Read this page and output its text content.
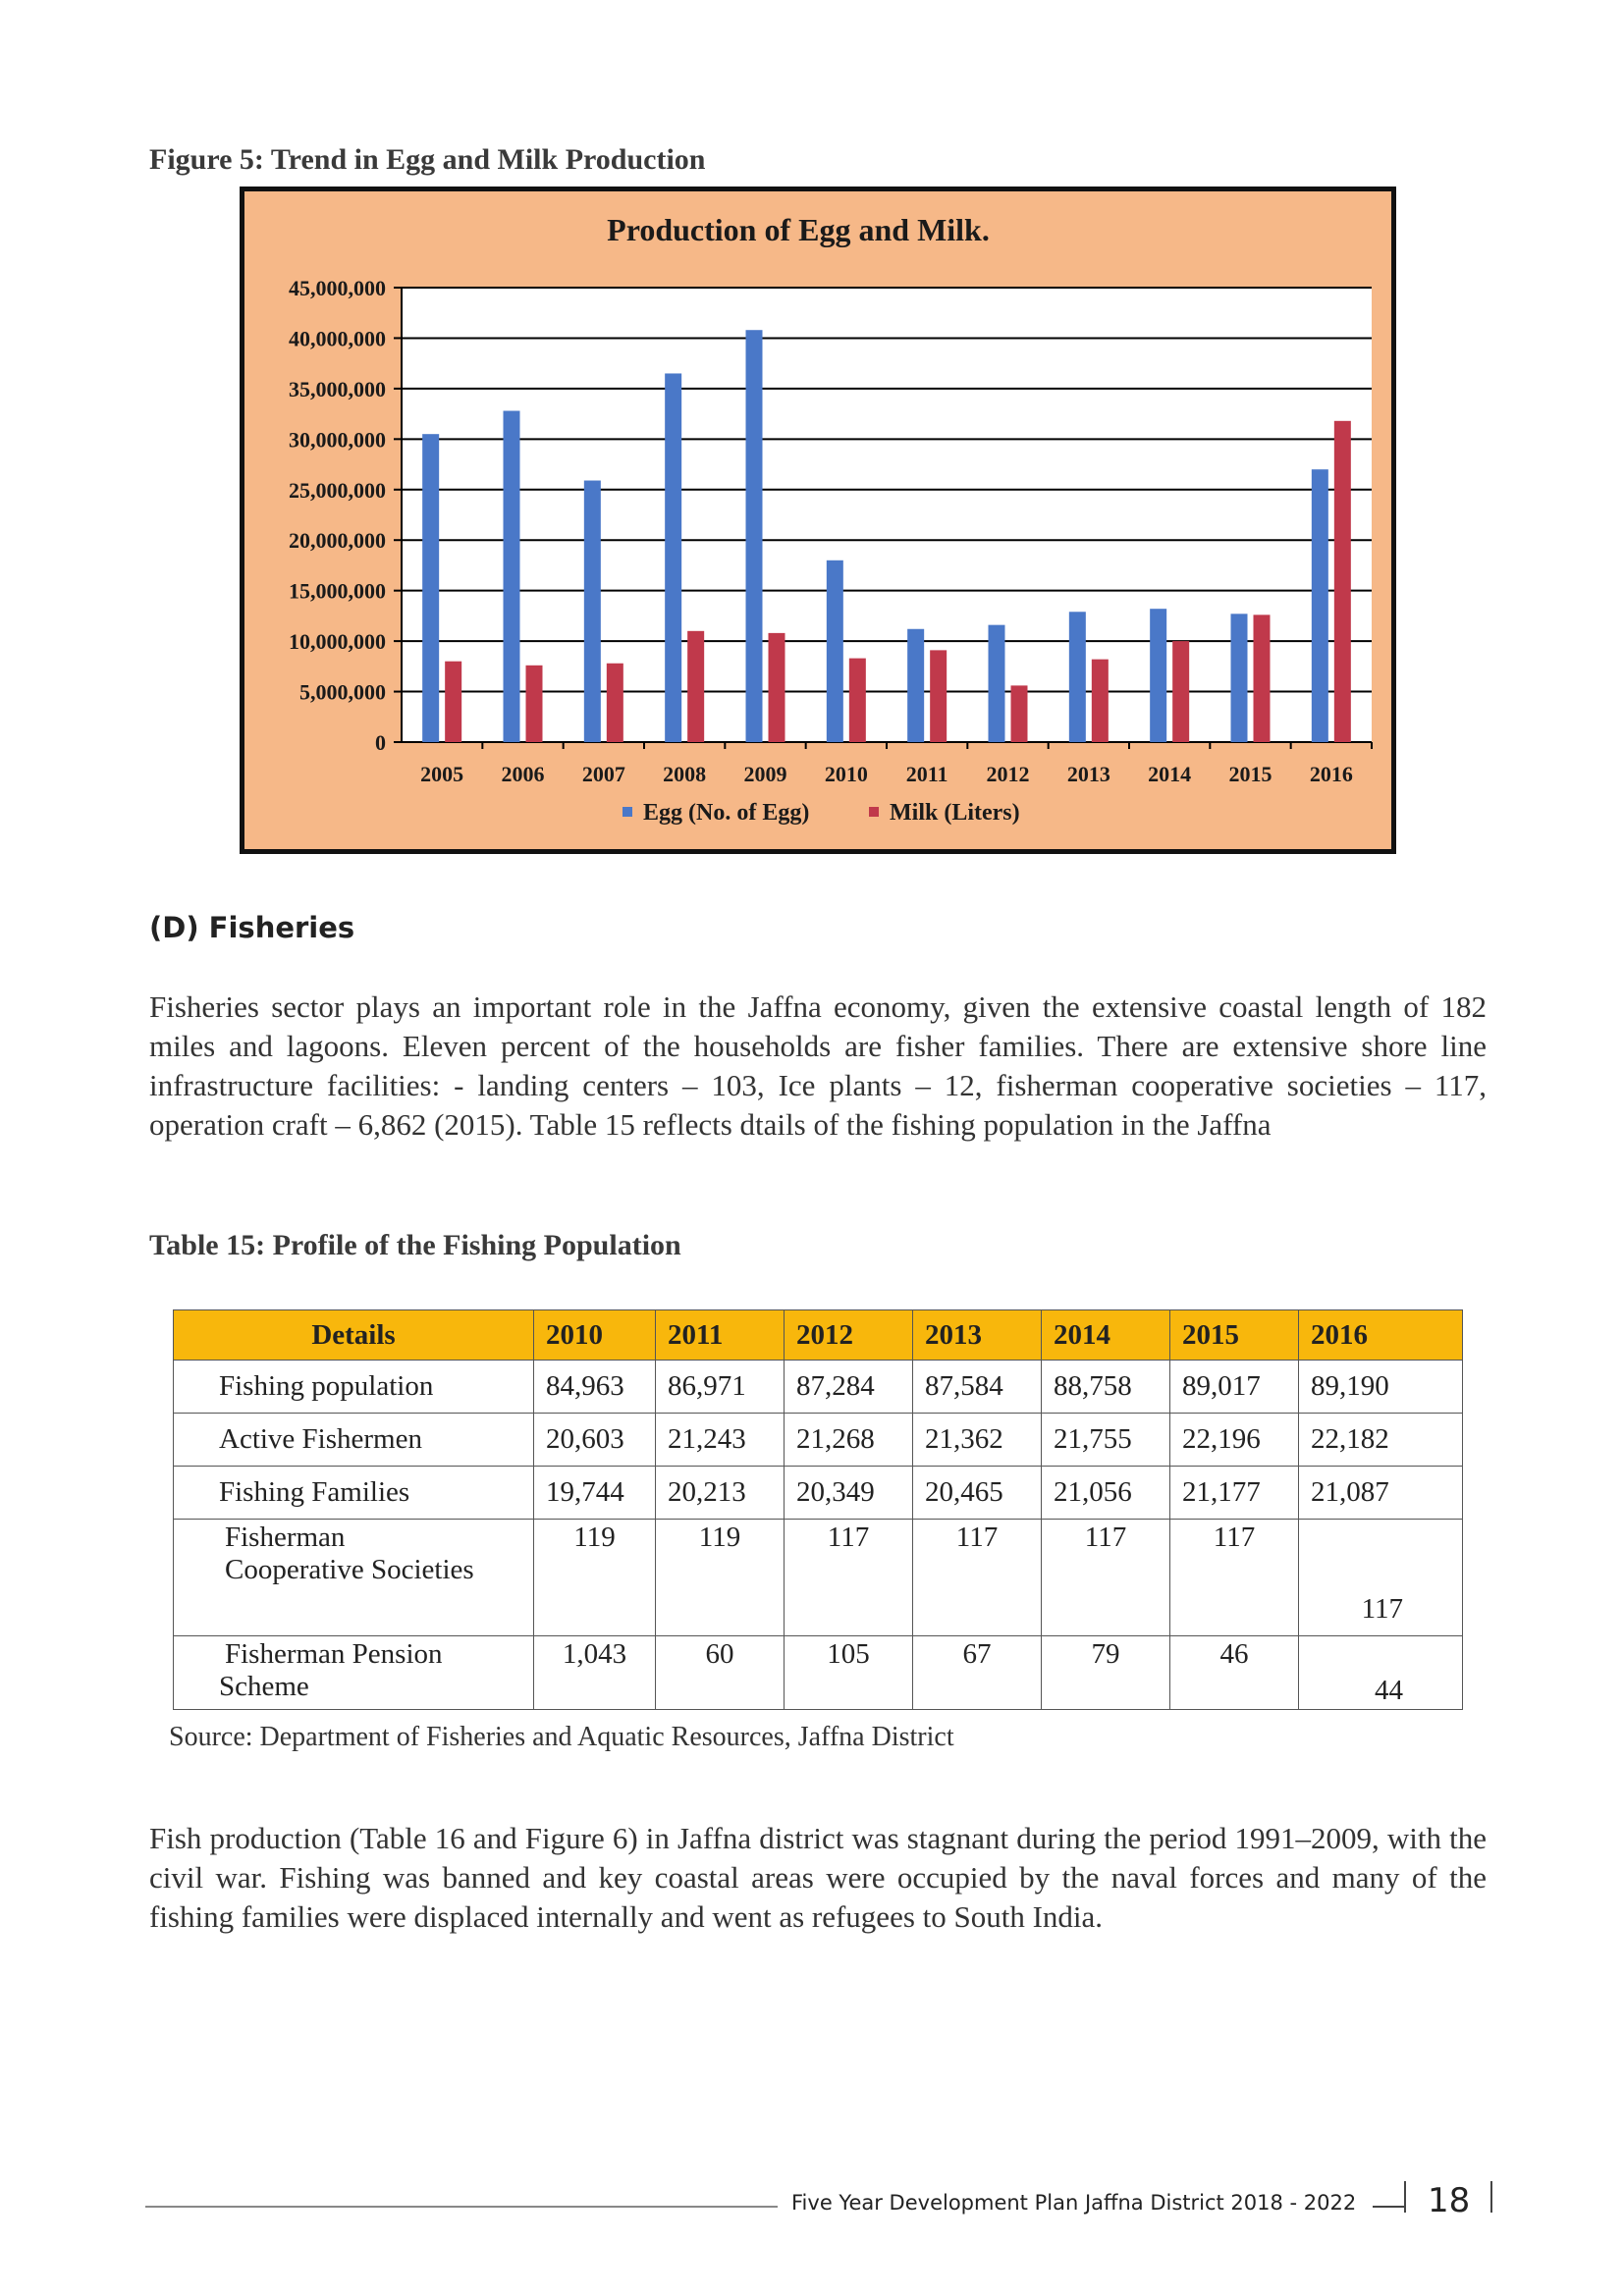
Figure 5: Trend in Egg and Milk Production
Production of Egg and Milk.
0
5,000,000
10,000,000
15,000,000
20,000,000
25,000,000
30,000,000
35,000,000
40,000,000
45,000,000
2005 2006 2007 2008 2009 2010 2011 2012 2013 2014 2015 2016
Egg (No. of Egg)	Milk (Liters)
(D) Fisheries
Fisheries sector plays an important role in the Jaffna economy, given the extensive coastal length of 182 miles and lagoons. Eleven percent of the households are fisher families. There are extensive shore line infrastructure facilities: - landing centers – 103, Ice plants – 12, fisherman cooperative societies – 117, operation craft – 6,862 (2015). Table 15 reflects dtails of the fishing population in the Jaffna
Table 15: Profile of the Fishing Population
Details	2010	2011	2012	2013	2014	2015	2016
Fishing population	84,963	86,971	87,284	87,584	88,758	89,017	89,190
Active Fishermen	20,603	21,243	21,268	21,362	21,755	22,196	22,182
Fishing Families	19,744	20,213	20,349	20,465	21,056	21,177	21,087

Fisherman
Cooperative Societies	119	119	117	117	117	117	117

Fisherman Pension
Scheme	1,043	60	105	67	79	46	44
Source: Department of Fisheries and Aquatic Resources, Jaffna District
Fish production (Table 16 and Figure 6) in Jaffna district was stagnant during the period 1991–2009, with the civil war. Fishing was banned and key coastal areas were occupied by the naval forces and many of the fishing families were displaced internally and went as refugees to South India.
Five Year Development Plan Jaffna District 2018 - 2022 18
